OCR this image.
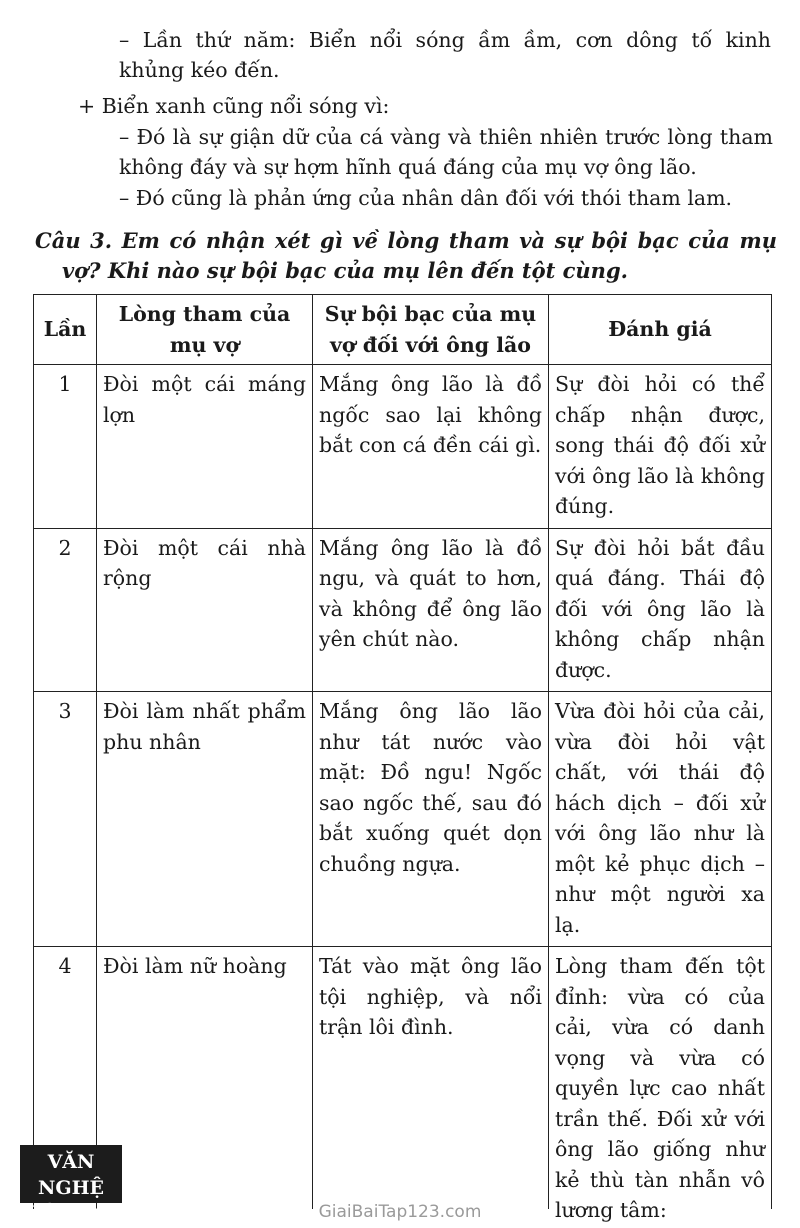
– Lần thứ năm: Biển nổi sóng ầm ầm, cơn dông tố kinh
khủng kéo đến.
+ Biển xanh cũng nổi sóng vì:
– Đó là sự giận dữ của cá vàng và thiên nhiên trước lòng tham
không đáy và sự hợm hĩnh quá đáng của mụ vợ ông lão.
– Đó cũng là phản ứng của nhân dân đối với thói tham lam.
Câu 3. Em có nhận xét gì về lòng tham và sự bội bạc của mụ
vợ? Khi nào sự bội bạc của mụ lên đến tột cùng.
Lần	Lòng tham của mụ vợ	Sự bội bạc của mụ vợ đối với ông lão	Đánh giá
1	Đòi một cái máng lợn	Mắng ông lão là đồ ngốc sao lại không bắt con cá đền cái gì.	Sự đòi hỏi có thể chấp nhận được, song thái độ đối xử với ông lão là không đúng.
2	Đòi một cái nhà rộng	Mắng ông lão là đồ ngu, và quát to hơn, và không để ông lão yên chút nào.	Sự đòi hỏi bắt đầu quá đáng. Thái độ đối với ông lão là không chấp nhận được.
3	Đòi làm nhất phẩm phu nhân	Mắng ông lão lão như tát nước vào mặt: Đồ ngu! Ngốc sao ngốc thế, sau đó bắt xuống quét dọn chuồng ngựa.	Vừa đòi hỏi của cải, vừa đòi hỏi vật chất, với thái độ hách dịch – đối xử với ông lão như là một kẻ phục dịch – như một người xa lạ.
4	Đòi làm nữ hoàng	Tát vào mặt ông lão tội nghiệp, và nổi trận lôi đình.	Lòng tham đến tột đỉnh: vừa có của cải, vừa có danh vọng và vừa có quyền lực cao nhất trần thế. Đối xử với ông lão giống như kẻ thù tàn nhẫn vô lương tâm:
VĂN NGHỆ
TiềnGiang	GiaiBaiTap123.com
